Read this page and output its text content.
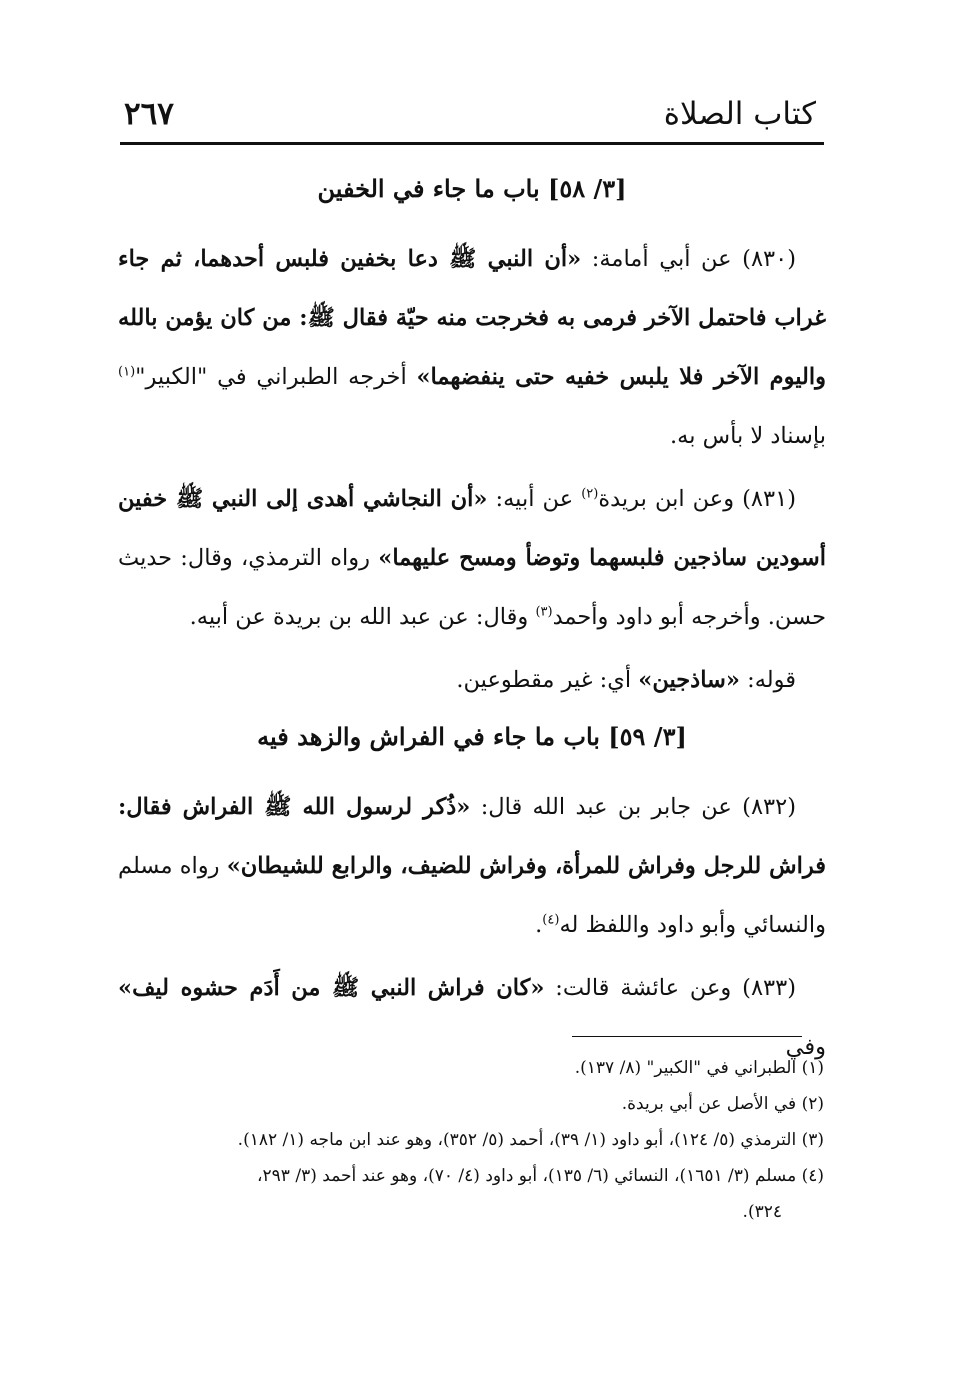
كتاب الصلاة
٢٦٧

[٣/ ٥٨] باب ما جاء في الخفين

(٨٣٠) عن أبي أمامة: «أن النبي ﷺ دعا بخفين فلبس أحدهما، ثم جاء غراب فاحتمل الآخر فرمى به فخرجت منه حيّة فقال ﷺ: من كان يؤمن بالله واليوم الآخر فلا يلبس خفيه حتى ينفضهما» أخرجه الطبراني في "الكبير"$^{(١)}$ بإسناد لا بأس به.

(٨٣١) وعن ابن بريدة$^{(٢)}$ عن أبيه: «أن النجاشي أهدى إلى النبي ﷺ خفين أسودين ساذجين فلبسهما وتوضأ ومسح عليهما» رواه الترمذي، وقال: حديث حسن. وأخرجه أبو داود وأحمد$^{(٣)}$ وقال: عن عبد الله بن بريدة عن أبيه.

قوله: «ساذجين» أي: غير مقطوعين.

[٣/ ٥٩] باب ما جاء في الفراش والزهد فيه

(٨٣٢) عن جابر بن عبد الله قال: «ذُكر لرسول الله ﷺ الفراش فقال: فراش للرجل وفراش للمرأة، وفراش للضيف، والرابع للشيطان» رواه مسلم والنسائي وأبو داود واللفظ له$^{(٤)}$.

(٨٣٣) وعن عائشة قالت: «كان فراش النبي ﷺ من أَدَم حشوه ليف» وفي

(١) الطبراني في "الكبير" (٨/ ١٣٧).

(٢) في الأصل عن أبي بريدة.

(٣) الترمذي (٥/ ١٢٤)، أبو داود (١/ ٣٩)، أحمد (٥/ ٣٥٢)، وهو عند ابن ماجه (١/ ١٨٢).

(٤) مسلم (٣/ ١٦٥١)، النسائي (٦/ ١٣٥)، أبو داود (٤/ ٧٠)، وهو عند أحمد (٣/ ٢٩٣،

٣٢٤).
